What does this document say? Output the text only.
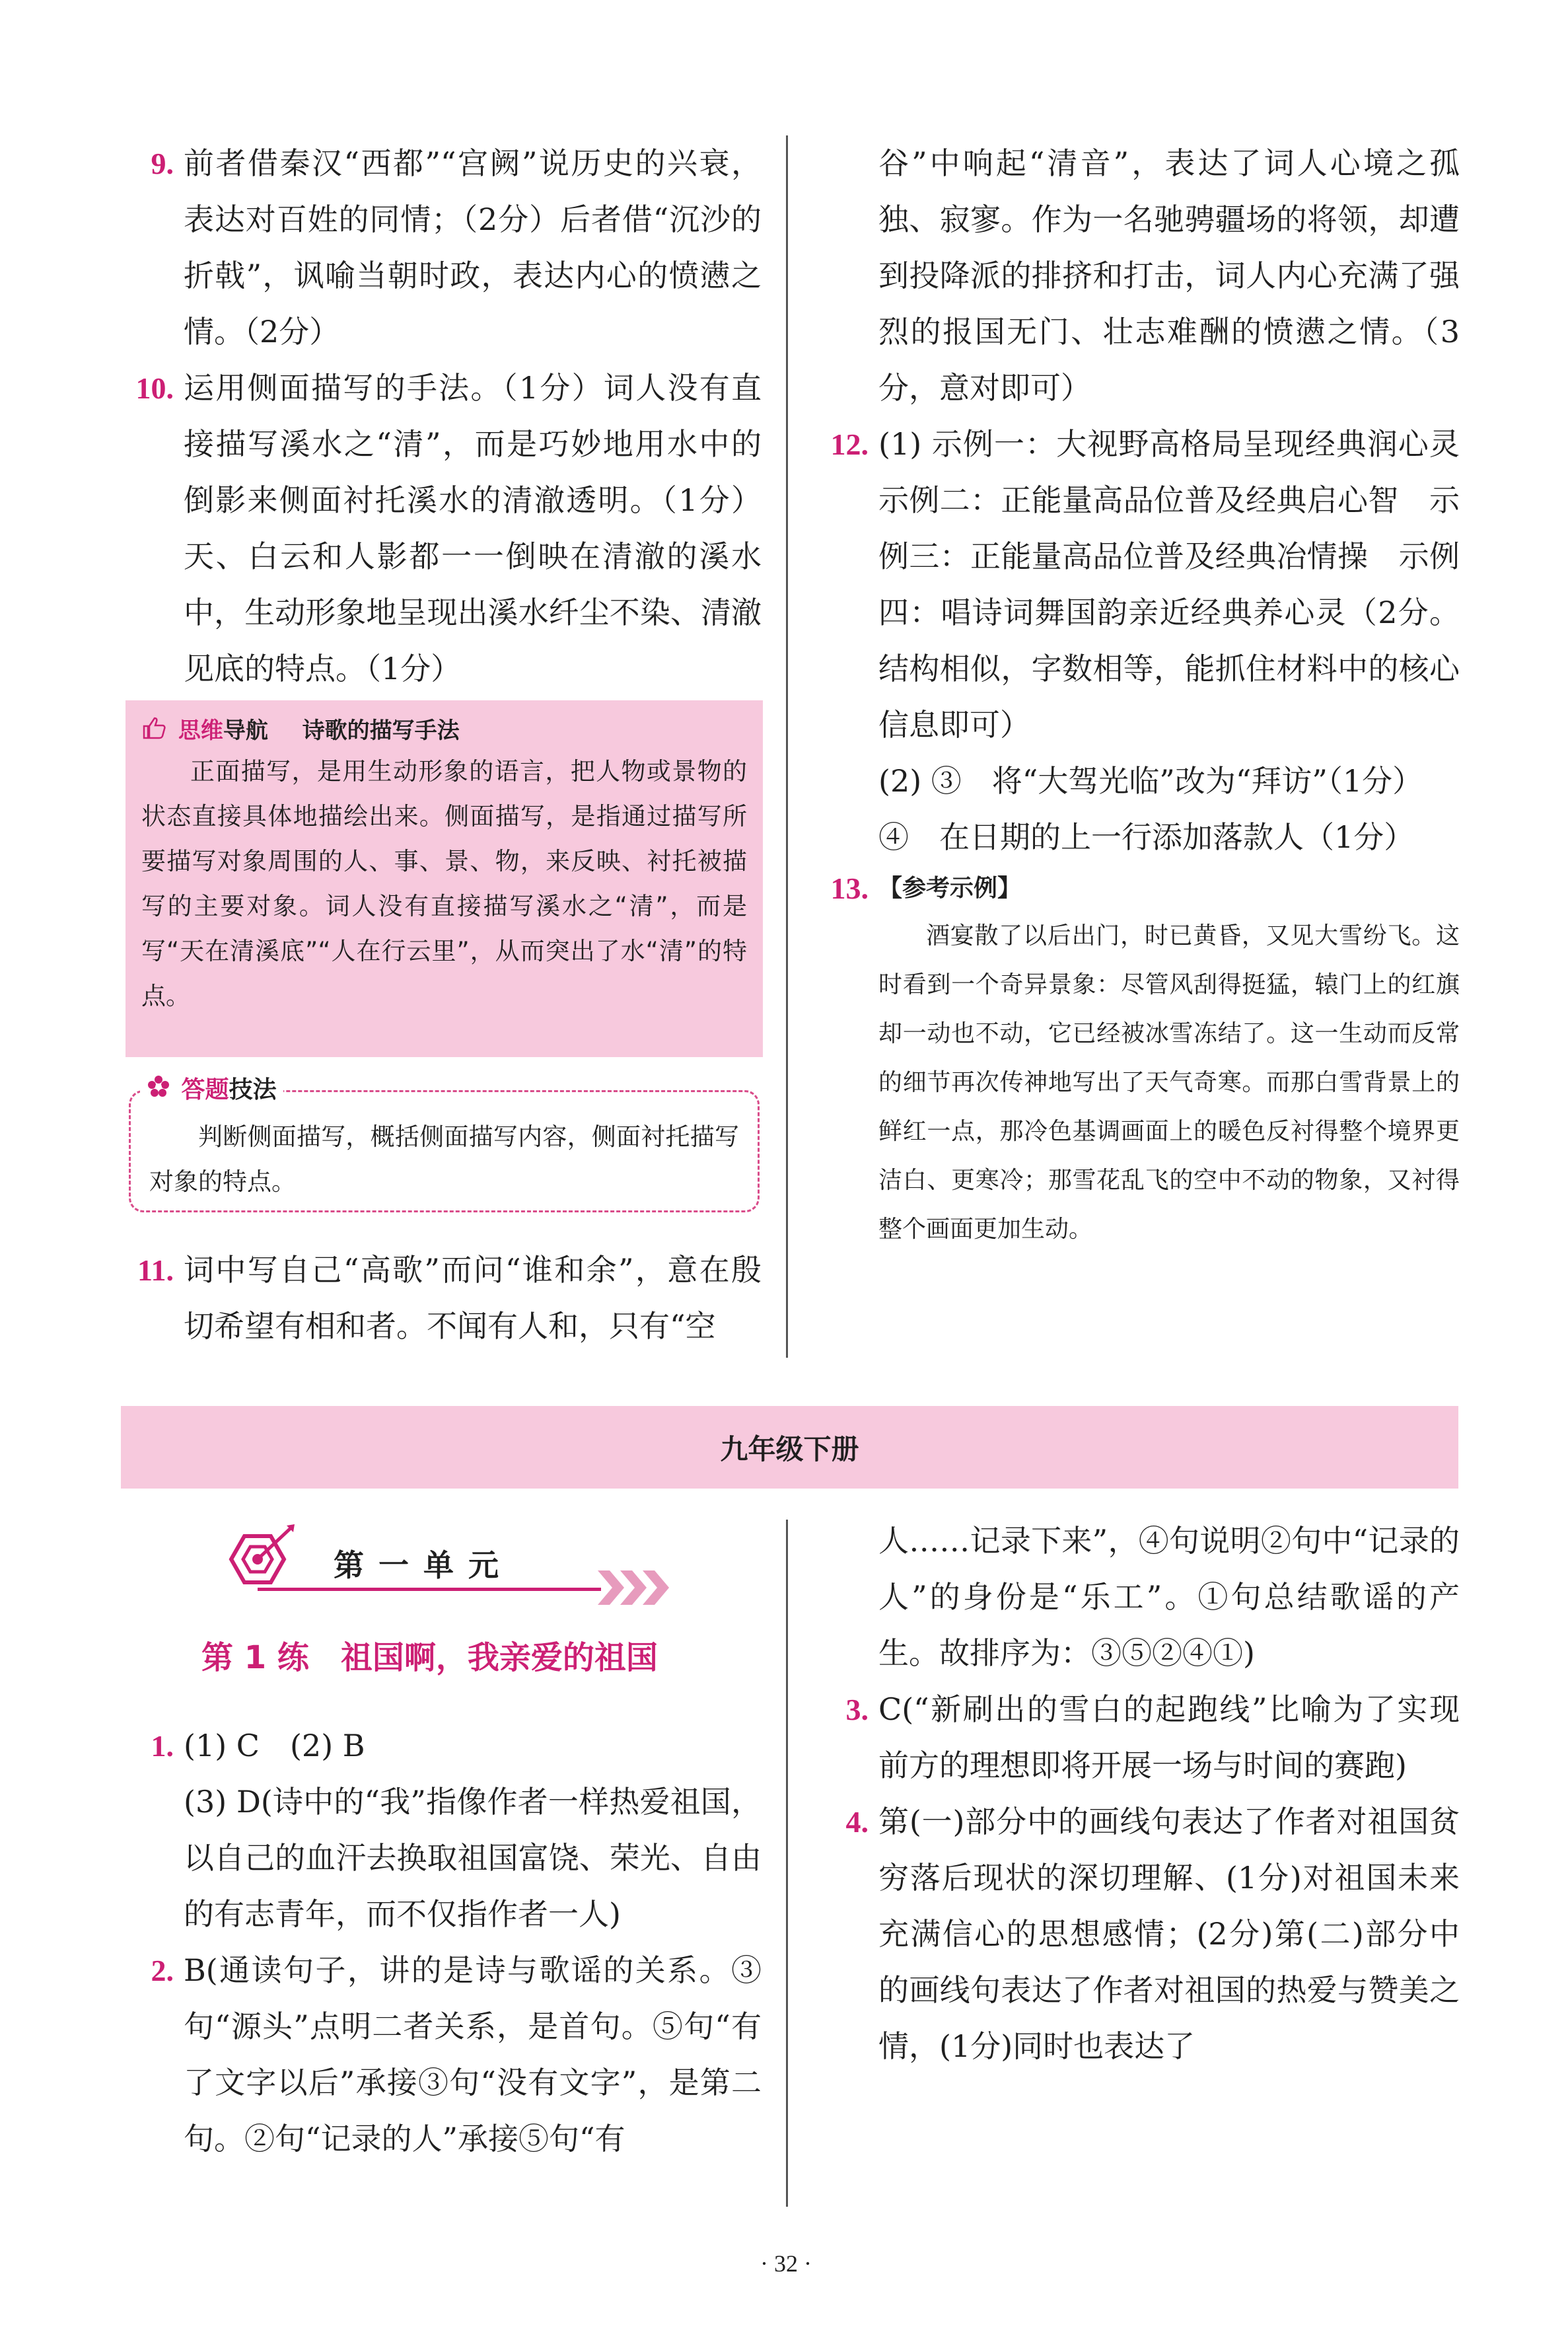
9. 前者借秦汉“西都”“宫阙”说历史的兴衰，表达对百姓的同情；（2分）后者借“沉沙的折戟”，讽喻当朝时政，表达内心的愤懑之情。（2分）
10. 运用侧面描写的手法。（1分）词人没有直接描写溪水之“清”，而是巧妙地用水中的倒影来侧面衬托溪水的清澈透明。（1分）天、白云和人影都一一倒映在清澈的溪水中，生动形象地呈现出溪水纤尘不染、清澈见底的特点。（1分）
思维导航 诗歌的描写手法
正面描写，是用生动形象的语言，把人物或景物的状态直接具体地描绘出来。侧面描写，是指通过描写所要描写对象周围的人、事、景、物，来反映、衬托被描写的主要对象。词人没有直接描写溪水之“清”，而是写“天在清溪底”“人在行云里”，从而突出了水“清”的特点。
答题技法
判断侧面描写，概括侧面描写内容，侧面衬托描写对象的特点。
11. 词中写自己“高歌”而问“谁和余”，意在殷切希望有相和者。不闻有人和，只有“空
谷”中响起“清音”，表达了词人心境之孤独、寂寥。作为一名驰骋疆场的将领，却遭到投降派的排挤和打击，词人内心充满了强烈的报国无门、壮志难酬的愤懑之情。（3分，意对即可）
12. (1) 示例一：大视野高格局呈现经典润心灵　示例二：正能量高品位普及经典启心智　示例三：正能量高品位普及经典冶情操　示例四：唱诗词舞国韵亲近经典养心灵（2分。结构相似，字数相等，能抓住材料中的核心信息即可）
(2) ③　将“大驾光临”改为“拜访”（1分）
④　在日期的上一行添加落款人（1分）
13. 【参考示例】
酒宴散了以后出门，时已黄昏，又见大雪纷飞。这时看到一个奇异景象：尽管风刮得挺猛，辕门上的红旗却一动也不动，它已经被冰雪冻结了。这一生动而反常的细节再次传神地写出了天气奇寒。而那白雪背景上的鲜红一点，那冷色基调画面上的暖色反衬得整个境界更洁白、更寒冷；那雪花乱飞的空中不动的物象，又衬得整个画面更加生动。
九年级下册
第一单元
第 1 练　祖国啊，我亲爱的祖国
1. (1) C　(2) B
(3) D(诗中的“我”指像作者一样热爱祖国，以自己的血汗去换取祖国富饶、荣光、自由的有志青年，而不仅指作者一人)
2. B(通读句子，讲的是诗与歌谣的关系。③句“源头”点明二者关系，是首句。⑤句“有了文字以后”承接③句“没有文字”，是第二句。②句“记录的人”承接⑤句“有
人……记录下来”，④句说明②句中“记录的人”的身份是“乐工”。①句总结歌谣的产生。故排序为：③⑤②④①)
3. C(“新刷出的雪白的起跑线”比喻为了实现前方的理想即将开展一场与时间的赛跑)
4. 第(一)部分中的画线句表达了作者对祖国贫穷落后现状的深切理解、(1分)对祖国未来充满信心的思想感情；(2分)第(二)部分中的画线句表达了作者对祖国的热爱与赞美之情，(1分)同时也表达了
· 32 ·
